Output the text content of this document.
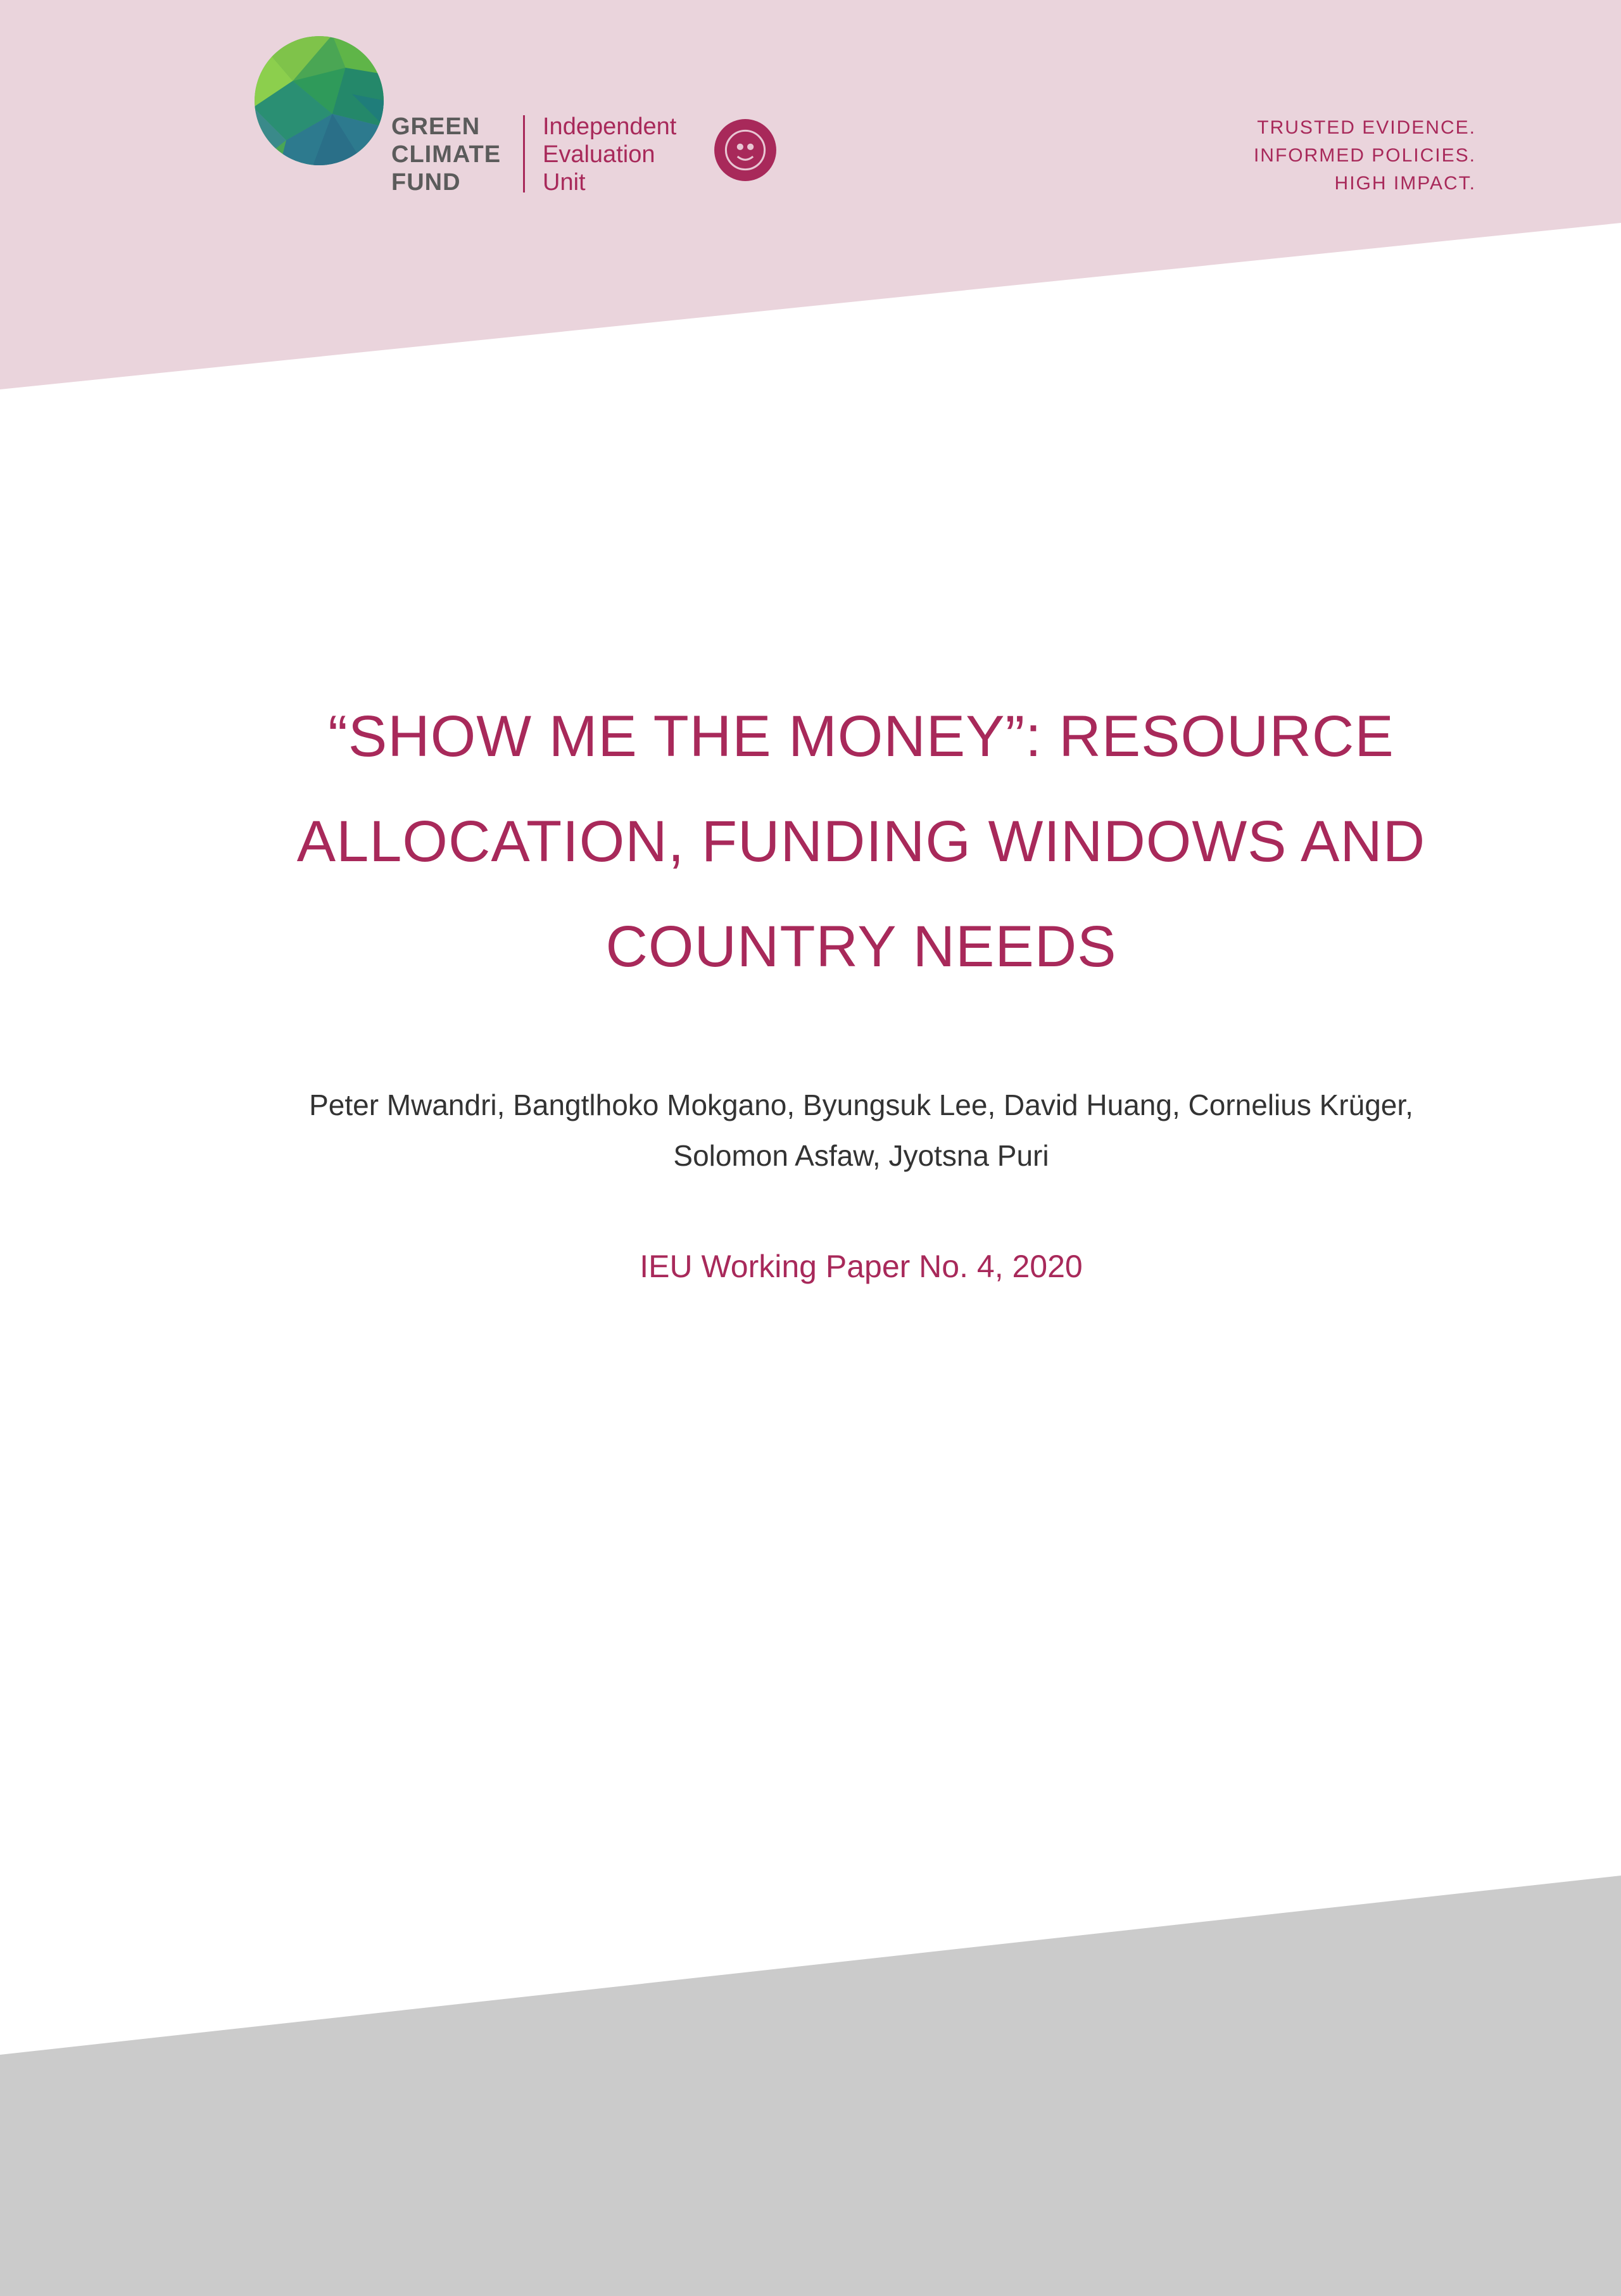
GREEN
CLIMATE
FUND
Independent
Evaluation
Unit
TRUSTED EVIDENCE.
INFORMED POLICIES.
HIGH IMPACT.
“SHOW ME THE MONEY”: RESOURCE
ALLOCATION, FUNDING WINDOWS AND
COUNTRY NEEDS
Peter Mwandri, Bangtlhoko Mokgano, Byungsuk Lee, David Huang, Cornelius Krüger,
Solomon Asfaw, Jyotsna Puri
IEU Working Paper No. 4, 2020
